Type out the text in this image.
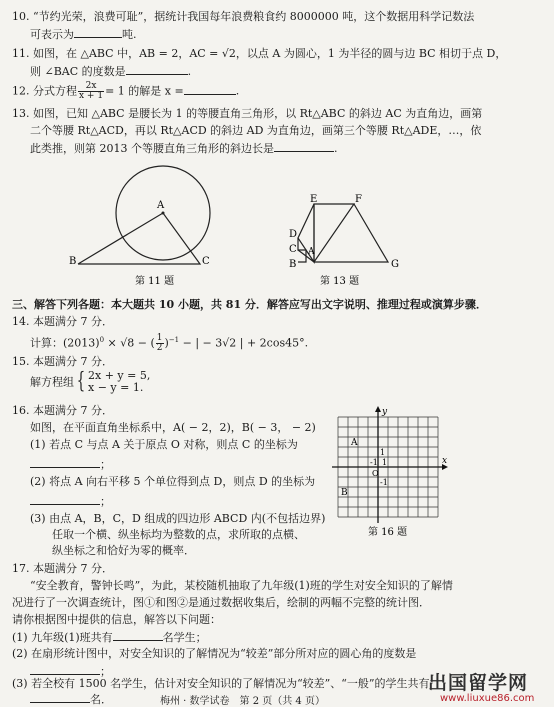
10. “节约光荣，浪费可耻”，据统计我国每年浪费粮食约 8000000 吨，这个数据用科学记数法
可表示为	吨.
11. 如图，在 △ABC 中，AB = 2，AC = √2，以点 A 为圆心，1 为半径的圆与边 BC 相切于点 D，
则 ∠BAC 的度数是	.
12. 分式方程 $\frac{2x}{x + 1} = 1$ 的解是 x =	.
13. 如图，已知 △ABC 是腰长为 1 的等腰直角三角形，以 Rt△ABC 的斜边 AC 为直角边，画第
二个等腰 Rt△ACD，再以 Rt△ACD 的斜边 AD 为直角边，画第三个等腰 Rt△ADE，…，依
此类推，则第 2013 个等腰直角三角形的斜边长是	.
A
B	C
第 11 题
E	F
D
C A
B	G
第 13 题
三、解答下列各题：本大题共 10 小题，共 81 分．解答应写出文字说明、推理过程或演算步骤．
14. 本题满分 7 分．
计算：$(2013)^0 \times √8$ − ( $\frac{1}{2} )^{-1}$ − | − 3√2 | + 2cos45°.
15. 本题满分 7 分．
解方程组 { 2x + y = 5,
x − y = 1.
16. 本题满分 7 分．
如图，在平面直角坐标系中，A( − 2，2)，B( − 3， − 2)
(1) 若点 C 与点 A 关于原点 O 对称，则点 C 的坐标为
；
(2) 将点 A 向右平移 5 个单位得到点 D，则点 D 的坐标为
；
(3) 由点 A，B，C，D 组成的四边形 ABCD 内(不包括边界)
任取一个横、纵坐标均为整数的点，求所取的点横、
纵坐标之和恰好为零的概率．
y
x
A
B
O
-1
1
1
-1
第 16 题
17. 本题满分 7 分．
“安全教育，警钟长鸣”，为此，某校随机抽取了九年级(1)班的学生对安全知识的了解情
况进行了一次调查统计，图①和图②是通过数据收集后，绘制的两幅不完整的统计图．
请你根据图中提供的信息，解答以下问题：
(1) 九年级(1)班共有	名学生；
(2) 在扇形统计图中，对安全知识的了解情况为“较差”部分所对应的圆心角的度数是
；
(3) 若全校有 1500 名学生，估计对安全知识的了解情况为“较差”、“一般”的学生共有
名．	梅州 · 数学试卷　第 2 页（共 4 页）
出国留学网
www.liuxue86.com
